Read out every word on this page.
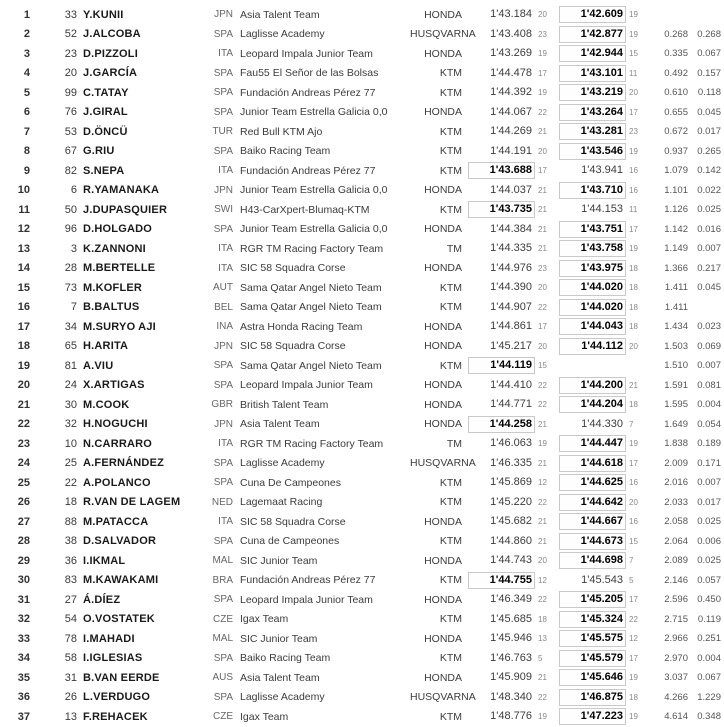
1	33 Y.KUNII	JPN Asia Talent Team	HONDA	1'43.184 20	1'42.609 19
2	52 J.ALCOBA	SPA Laglisse Academy	HUSQVARNA	1'43.408 23	1'42.877 19	0.268 0.268
3	23 D.PIZZOLI	ITA Leopard Impala Junior Team	HONDA	1'43.269 19	1'42.944 15	0.335 0.067
4	20 J.GARCÍA	SPA Fau55 El Señor de las Bolsas	KTM	1'44.478 17	1'43.101 11	0.492 0.157
5	99 C.TATAY	SPA Fundación Andreas Pérez 77	KTM	1'44.392 19	1'43.219 20	0.610	0.118
6	76 J.GIRAL	SPA Junior Team Estrella Galicia 0,0	HONDA	1'44.067 22	1'43.264 17	0.655 0.045
7	53 D.ÖNCÜ	TUR Red Bull KTM Ajo	KTM	1'44.269 21	1'43.281 23	0.672 0.017
8	67 G.RIU	SPA Baiko Racing Team	KTM	1'44.191 20	1'43.546 19	0.937 0.265
9	82 S.NEPA	ITA Fundación Andreas Pérez 77	KTM	1'43.688 17	1'43.941 16	1.079 0.142
10	6 R.YAMANAKA	JPN Junior Team Estrella Galicia 0,0	HONDA	1'44.037 21	1'43.710 16	1.101 0.022
11	50 J.DUPASQUIER	SWI H43-CarXpert-Blumaq-KTM	KTM	1'43.735 21	1'44.153 11	1.126 0.025
12	96 D.HOLGADO	SPA Junior Team Estrella Galicia 0,0	HONDA	1'44.384 21	1'43.751 17	1.142 0.016
13	3 K.ZANNONI	ITA RGR TM Racing Factory Team	TM	1'44.335 21	1'43.758 19	1.149 0.007
14	28 M.BERTELLE	ITA SIC 58 Squadra Corse	HONDA	1'44.976 23	1'43.975 18	1.366 0.217
15	73 M.KOFLER	AUT Sama Qatar Angel Nieto Team	KTM	1'44.390 20	1'44.020 18	1.411 0.045
16	7 B.BALTUS	BEL Sama Qatar Angel Nieto Team	KTM	1'44.907 22	1'44.020 18	1.411
17	34 M.SURYO AJI	INA Astra Honda Racing Team	HONDA	1'44.861 17	1'44.043 18	1.434 0.023
18	65 H.ARITA	JPN SIC 58 Squadra Corse	HONDA	1'45.217 20	1'44.112 20	1.503 0.069
19	81 A.VIU	SPA Sama Qatar Angel Nieto Team	KTM	1'44.119 15	1.510 0.007
20	24 X.ARTIGAS	SPA Leopard Impala Junior Team	HONDA	1'44.410 22	1'44.200 21	1.591 0.081
21	30 M.COOK	GBR British Talent Team	HONDA	1'44.771 22	1'44.204 18	1.595 0.004
22	32 H.NOGUCHI	JPN Asia Talent Team	HONDA	1'44.258 21	1'44.330 7	1.649 0.054
23	10 N.CARRARO	ITA RGR TM Racing Factory Team	TM	1'46.063 19	1'44.447 19	1.838 0.189
24	25 A.FERNÁNDEZ	SPA Laglisse Academy	HUSQVARNA	1'46.335 21	1'44.618 17	2.009 0.171
25	22 A.POLANCO	SPA Cuna De Campeones	KTM	1'45.869 12	1'44.625 16	2.016 0.007
26	18 R.VAN DE LAGEM	NED Lagemaat Racing	KTM	1'45.220 22	1'44.642 20	2.033 0.017
27	88 M.PATACCA	ITA SIC 58 Squadra Corse	HONDA	1'45.682 21	1'44.667 16	2.058 0.025
28	38 D.SALVADOR	SPA Cuna de Campeones	KTM	1'44.860 21	1'44.673 15	2.064 0.006
29	36 I.IKMAL	MAL SIC Junior Team	HONDA	1'44.743 20	1'44.698 7	2.089 0.025
30	83 M.KAWAKAMI	BRA Fundación Andreas Pérez 77	KTM	1'44.755 12	1'45.543 5	2.146 0.057
31	27 Á.DÍEZ	SPA Leopard Impala Junior Team	HONDA	1'46.349 22	1'45.205 17	2.596 0.450
32	54 O.VOSTATEK	CZE Igax Team	KTM	1'45.685 18	1'45.324 22	2.715	0.119
33	78 I.MAHADI	MAL SIC Junior Team	HONDA	1'45.946 13	1'45.575 12	2.966 0.251
34	58 I.IGLESIAS	SPA Baiko Racing Team	KTM	1'46.763 5	1'45.579 17	2.970 0.004
35	31 B.VAN EERDE	AUS Asia Talent Team	HONDA	1'45.909 21	1'45.646 19	3.037 0.067
36	26 L.VERDUGO	SPA Laglisse Academy	HUSQVARNA	1'48.340 22	1'46.875 18	4.266 1.229
37	13 F.REHACEK	CZE Igax Team	KTM	1'48.776 19	1'47.223 19	4.614 0.348
